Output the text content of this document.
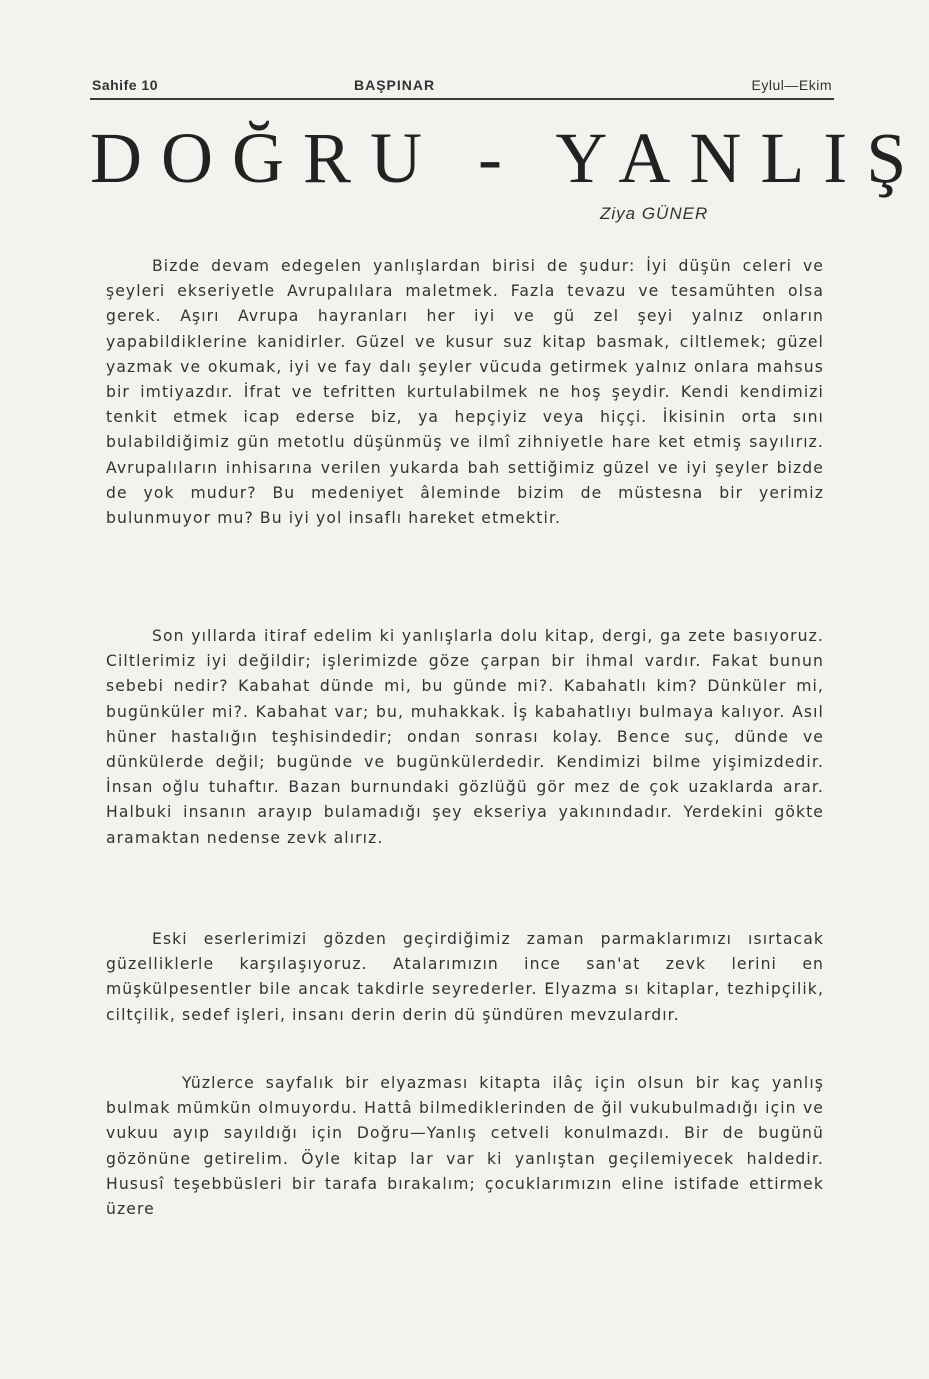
Sahife 10	BAŞPINAR	Eylul—Ekim
DOĞRU - YANLIŞ
Ziya GÜNER

Bizde devam edegelen yanlışlardan birisi de şudur: İyi düşün celeri ve şeyleri ekseriyetle Avrupalılara maletmek. Fazla tevazu ve tesamühten olsa gerek. Aşırı Avrupa hayranları her iyi ve gü zel şeyi yalnız onların yapabildiklerine kanidirler. Güzel ve kusur suz kitap basmak, ciltlemek; güzel yazmak ve okumak, iyi ve fay dalı şeyler vücuda getirmek yalnız onlara mahsus bir imtiyazdır. İfrat ve tefritten kurtulabilmek ne hoş şeydir. Kendi kendimizi tenkit etmek icap ederse biz, ya hepçiyiz veya hiççi. İkisinin orta sını bulabildiğimiz gün metotlu düşünmüş ve ilmî zihniyetle hare ket etmiş sayılırız. Avrupalıların inhisarına verilen yukarda bah settiğimiz güzel ve iyi şeyler bizde de yok mudur? Bu medeniyet âleminde bizim de müstesna bir yerimiz bulunmuyor mu? Bu iyi yol insaflı hareket etmektir.

Son yıllarda itiraf edelim ki yanlışlarla dolu kitap, dergi, ga zete basıyoruz. Ciltlerimiz iyi değildir; işlerimizde göze çarpan bir ihmal vardır. Fakat bunun sebebi nedir? Kabahat dünde mi, bu günde mi?. Kabahatlı kim? Dünküler mi, bugünküler mi?. Kabahat var; bu, muhakkak. İş kabahatlıyı bulmaya kalıyor. Asıl hüner hastalığın teşhisindedir; ondan sonrası kolay. Bence suç, dünde ve dünkülerde değil; bugünde ve bugünkülerdedir. Kendimizi bilme yişimizdedir. İnsan oğlu tuhaftır. Bazan burnundaki gözlüğü gör mez de çok uzaklarda arar. Halbuki insanın arayıp bulamadığı şey ekseriya yakınındadır. Yerdekini gökte aramaktan nedense zevk alırız.

Eski eserlerimizi gözden geçirdiğimiz zaman parmaklarımızı ısırtacak güzelliklerle karşılaşıyoruz. Atalarımızın ince san'at zevk lerini en müşkülpesentler bile ancak takdirle seyrederler. Elyazma sı kitaplar, tezhipçilik, ciltçilik, sedef işleri, insanı derin derin dü şündüren mevzulardır.

Yüzlerce sayfalık bir elyazması kitapta ilâç için olsun bir kaç yanlış bulmak mümkün olmuyordu. Hattâ bilmediklerinden de ğil vukubulmadığı için ve vukuu ayıp sayıldığı için Doğru—Yanlış cetveli konulmazdı. Bir de bugünü gözönüne getirelim. Öyle kitap lar var ki yanlıştan geçilemiyecek haldedir. Hususî teşebbüsleri bir tarafa bırakalım; çocuklarımızın eline istifade ettirmek üzere
